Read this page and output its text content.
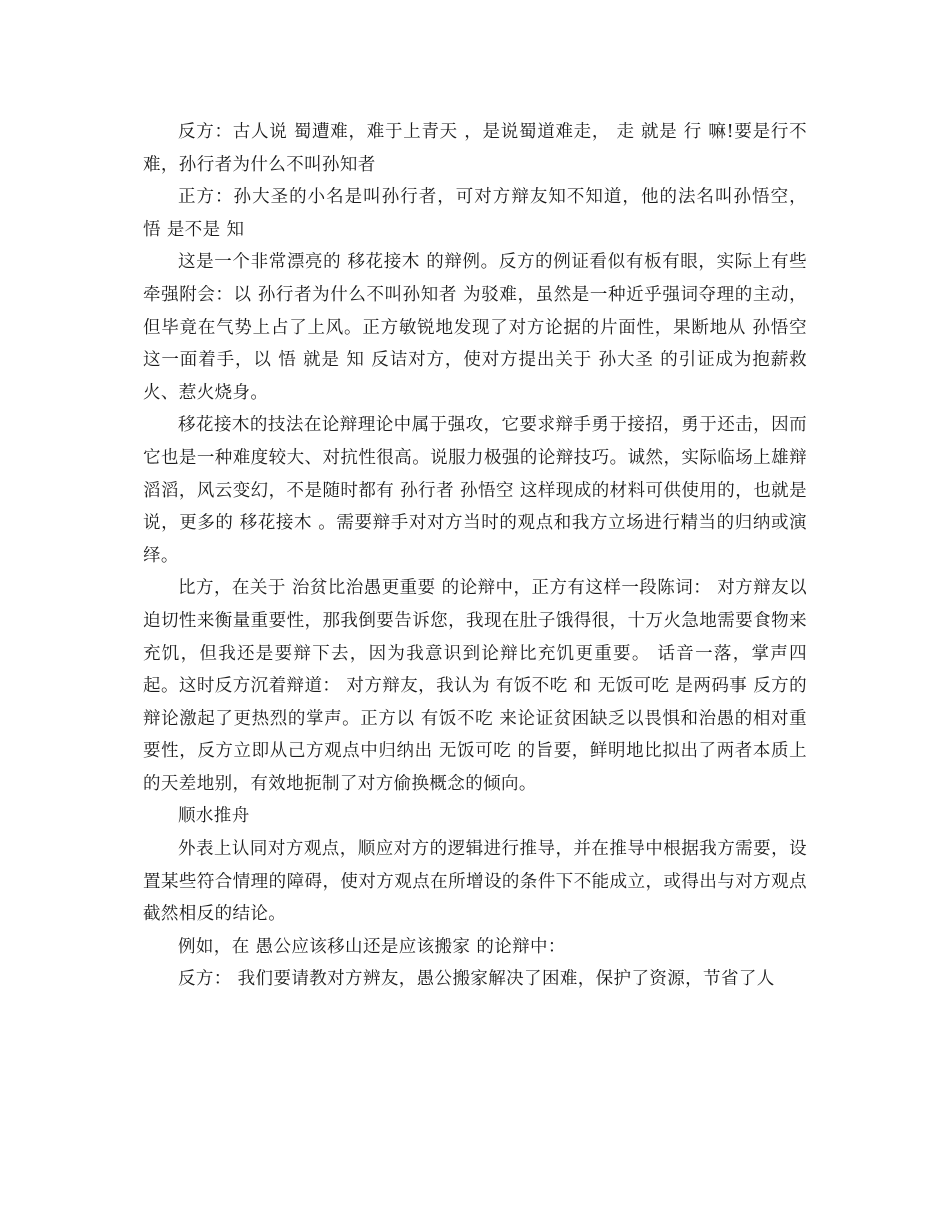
反方：古人说 蜀遭难，难于上青天 ，是说蜀道难走， 走 就是 行 嘛!要是行不难，孙行者为什么不叫孙知者

正方：孙大圣的小名是叫孙行者，可对方辩友知不知道，他的法名叫孙悟空， 悟 是不是 知

这是一个非常漂亮的 移花接木 的辩例。反方的例证看似有板有眼，实际上有些牵强附会：以 孙行者为什么不叫孙知者 为驳难，虽然是一种近乎强词夺理的主动，但毕竟在气势上占了上风。正方敏锐地发现了对方论据的片面性，果断地从 孙悟空 这一面着手，以 悟 就是 知 反诘对方，使对方提出关于 孙大圣 的引证成为抱薪救火、惹火烧身。

移花接木的技法在论辩理论中属于强攻，它要求辩手勇于接招，勇于还击，因而它也是一种难度较大、对抗性很高。说服力极强的论辩技巧。诚然，实际临场上雄辩滔滔，风云变幻，不是随时都有 孙行者 孙悟空 这样现成的材料可供使用的，也就是说，更多的 移花接木 。需要辩手对对方当时的观点和我方立场进行精当的归纳或演绎。

比方，在关于 治贫比治愚更重要 的论辩中，正方有这样一段陈词： 对方辩友以迫切性来衡量重要性，那我倒要告诉您，我现在肚子饿得很，十万火急地需要食物来充饥，但我还是要辩下去，因为我意识到论辩比充饥更重要。 话音一落，掌声四起。这时反方沉着辩道： 对方辩友，我认为 有饭不吃 和 无饭可吃 是两码事 反方的辩论激起了更热烈的掌声。正方以 有饭不吃 来论证贫困缺乏以畏惧和治愚的相对重要性，反方立即从己方观点中归纳出 无饭可吃 的旨要，鲜明地比拟出了两者本质上的天差地别，有效地扼制了对方偷换概念的倾向。

顺水推舟

外表上认同对方观点，顺应对方的逻辑进行推导，并在推导中根据我方需要，设置某些符合情理的障碍，使对方观点在所增设的条件下不能成立，或得出与对方观点截然相反的结论。

例如，在 愚公应该移山还是应该搬家 的论辩中：

反方： 我们要请教对方辨友，愚公搬家解决了困难，保护了资源，节省了人
